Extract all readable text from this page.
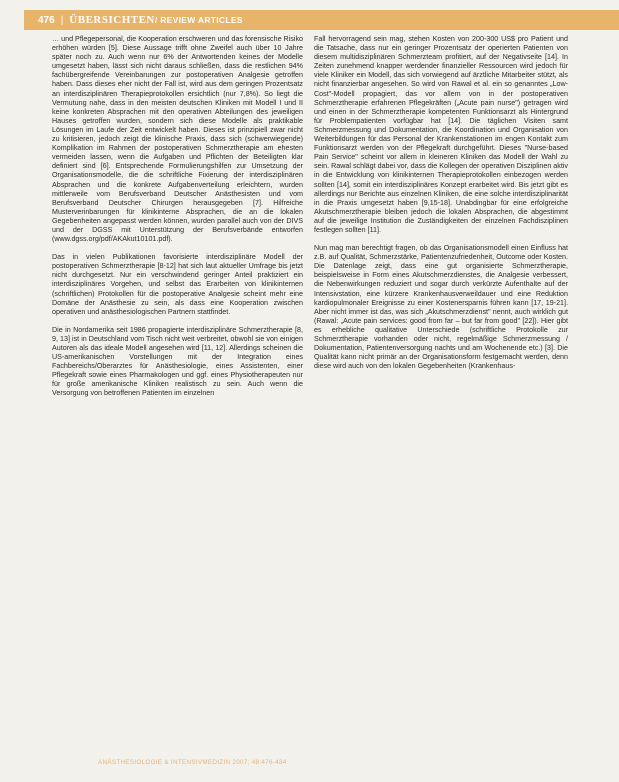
476 | ÜBERSICHTEN / REVIEW ARTICLES

… und Pflegepersonal, die Kooperation erschweren und das forensische Risiko erhöhen würden [5]. Diese Aussage trifft ohne Zweifel auch über 10 Jahre später noch zu. Auch wenn nur 6% der Antwortenden keines der Modelle umgesetzt haben, lässt sich nicht daraus schließen, dass die restlichen 94% fachübergreifende Vereinbarungen zur postoperativen Analgesie getroffen haben. Dass dieses eher nicht der Fall ist, wird aus dem geringen Prozentsatz an interdisziplinären Therapieprotokollen ersichtlich (nur 7,8%). So liegt die Vermutung nahe, dass in den meisten deutschen Kliniken mit Modell I und II keine konkreten Absprachen mit den operativen Abteilungen des jeweiligen Hauses getroffen wurden, sondern sich diese Modelle als praktikable Lösungen im Laufe der Zeit entwickelt haben. Dieses ist prinzipiell zwar nicht zu kritisieren, jedoch zeigt die klinische Praxis, dass sich (schwerwiegende) Komplikation im Rahmen der postoperativen Schmerztherapie am ehesten vermeiden lassen, wenn die Aufgaben und Pflichten der Beteiligten klar definiert sind [6]. Entsprechende Formulierungshilfen zur Umsetzung der Organisationsmodelle, die die schriftliche Fixierung der interdisziplinären Absprachen und die konkrete Aufgabenverteilung erleichtern, wurden mittlerweile vom Berufsverband Deutscher Anästhesisten und vom Berufsverband Deutscher Chirurgen herausgegeben [7]. Hilfreiche Musterverinbarungen für klinikinterne Absprachen, die an die lokalen Gegebenheiten angepasst werden können, wurden parallel auch von der DIVS und der DGSS mit Unterstützung der Berufsverbände entworfen (www.dgss.org/pdf/AKAkut10101.pdf).

Das in vielen Publikationen favorisierte interdisziplinäre Modell der postoperativen Schmerztherapie [8-12] hat sich laut aktueller Umfrage bis jetzt nicht durchgesetzt. Nur ein verschwindend geringer Anteil praktiziert ein interdisziplinäres Vorgehen, und selbst das Erarbeiten von klinikinternen (schriftlichen) Protokollen für die postoperative Analgesie scheint mehr eine Domäne der Anästhesie zu sein, als dass eine Kooperation zwischen operativen und anästhesiologischen Partnern stattfindet.

Die in Nordamerika seit 1986 propagierte interdisziplinäre Schmerztherapie [8, 9, 13] ist in Deutschland vom Tisch nicht weit verbreitet, obwohl sie von einigen Autoren als das ideale Modell angesehen wird [11, 12]. Allerdings scheinen die US-amerikanischen Vorstellungen mit der Integration eines Fachbereichs/Oberarztes für Anästhesiologie, eines Assistenten, einer Pflegekraft sowie eines Pharmakologen und ggf. eines Physiotherapeuten nur für große amerikanische Kliniken realistisch zu sein. Auch wenn die Versorgung von betroffenen Patienten im einzelnen

Fall hervorragend sein mag, stehen Kosten von 200-300 US$ pro Patient und die Tatsache, dass nur ein geringer Prozentsatz der operierten Patienten von diesem multidisziplinären Schmerzteam profitiert, auf der Negativseite [14]. In Zeiten zunehmend knapper werdender finanzieller Ressourcen wird jedoch für viele Kliniker ein Modell, das sich vorwiegend auf ärztliche Mitarbeiter stützt, als nicht finanzierbar angesehen. So wird von Rawal et al. ein so genanntes „Low-Cost"-Modell propagiert, das vor allem von in der postoperativen Schmerztherapie erfahrenen Pflegekräften („Acute pain nurse") getragen wird und einen in der Schmerztherapie kompetenten Funktionsarzt als Hintergrund für Problempatienten vorfügbar hat [14]. Die täglichen Visiten samt Schmerzmessung und Dokumentation, die Koordination und Organisation von Weiterbildungen für das Personal der Krankenstationen im engen Kontakt zum Funktionsarzt werden von der Pflegekraft durchgeführt. Dieses "Nurse-based Pain Service" scheint vor allem in kleineren Kliniken das Modell der Wahl zu sein. Rawal schlägt dabei vor, dass die Kollegen der operativen Disziplinen aktiv in die Entwicklung von klinikinternen Therapieprotokollen einbezogen werden sollten [14], somit ein interdisziplinäres Konzept erarbeitet wird. Bis jetzt gibt es allerdings nur Berichte aus einzelnen Kliniken, die eine solche interdisziplinarität in die Praxis umgesetzt haben [9,15-18]. Unabdingbar für eine erfolgreiche Akutschmerztherapie bleiben jedoch die lokalen Absprachen, die abgestimmt auf die jeweilige Institution die Zuständigkeiten der einzelnen Fachdisziplinen festlegen sollten [11].

Nun mag man berechtigt fragen, ob das Organisationsmodell einen Einfluss hat z.B. auf Qualität, Schmerzstärke, Patientenzufriedenheit, Outcome oder Kosten. Die Datenlage zeigt, dass eine gut organisierte Schmerztherapie, beispielsweise in Form eines Akutschmerzdienstes, die Analgesie verbessert, die Nebenwirkungen reduziert und sogar durch verkürzte Aufenthalte auf der Intensivstation, eine kürzere Krankenhausverweildauer und eine Reduktion kardiopulmonaler Ereignisse zu einer Kostenersparnis führen kann [17, 19-21]. Aber nicht immer ist das, was sich „Akutschmerzdienst" nennt, auch wirklich gut (Rawal: „Acute pain services: good from far – but far from good" [22]). Hier gibt es erhebliche qualitative Unterschiede (schriftliche Protokolle zur Schmerztherapie vorhanden oder nicht, regelmäßige Schmerzmessung / Dokumentation, Patientenversorgung nachts und am Wochenende etc.) [3]. Die Qualität kann nicht primär an der Organisationsform festgemacht werden, denn diese wird auch von den lokalen Gegebenheiten (Krankenhaus-

ANÄSTHESIOLOGIE & INTENSIVMEDIZIN 2007; 48:476-484
